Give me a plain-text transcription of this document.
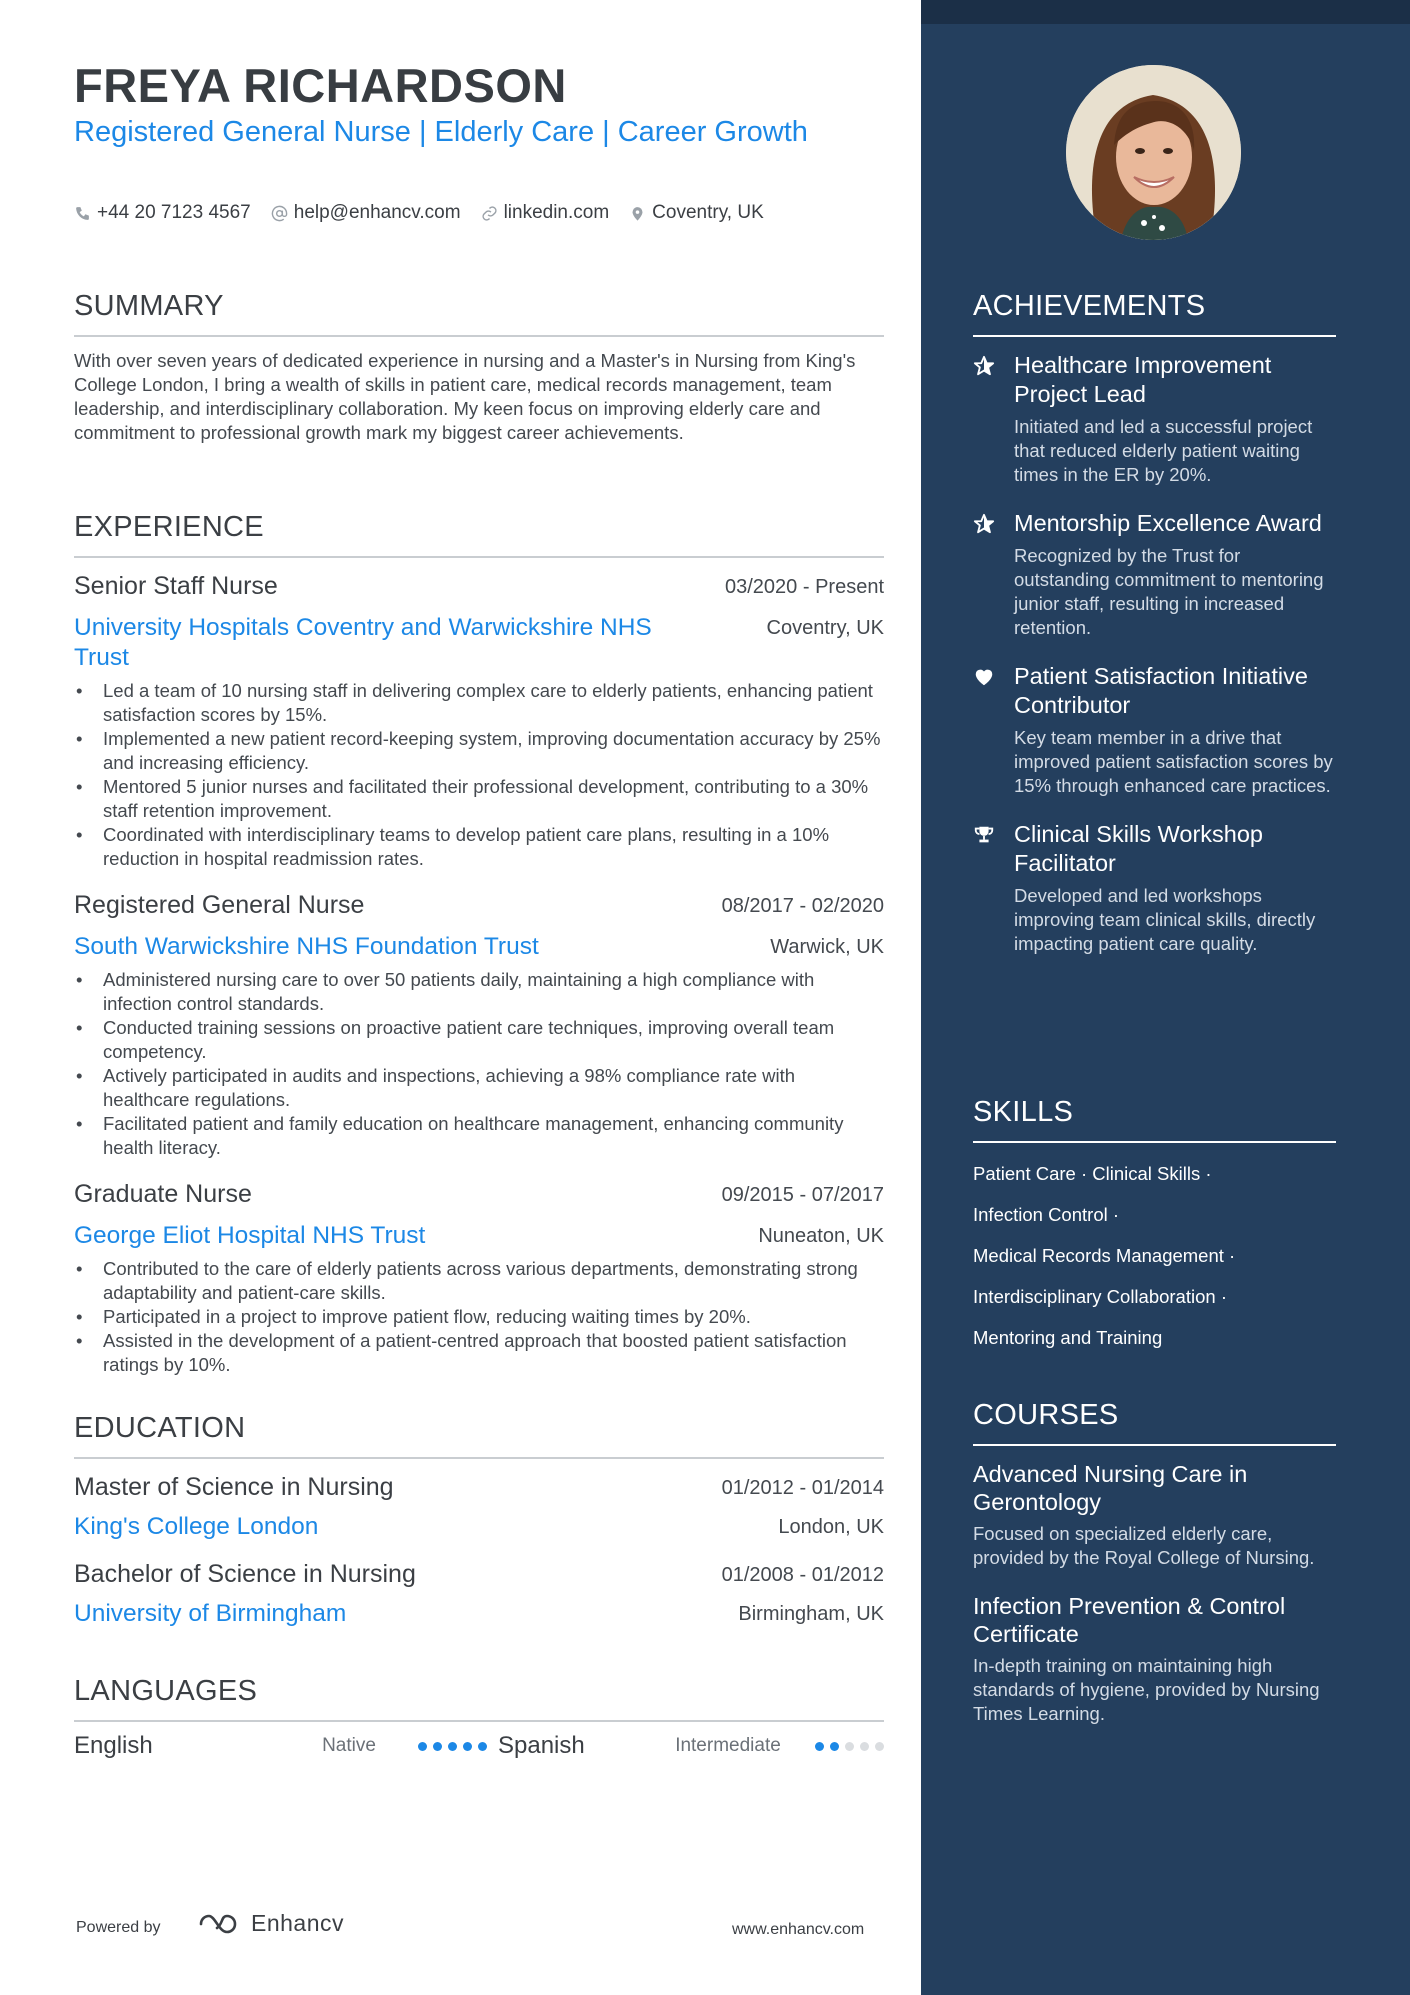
FREYA RICHARDSON
Registered General Nurse | Elderly Care | Career Growth
+44 20 7123 4567 help@enhancv.com linkedin.com Coventry, UK
SUMMARY
With over seven years of dedicated experience in nursing and a Master's in Nursing from King's College London, I bring a wealth of skills in patient care, medical records management, team leadership, and interdisciplinary collaboration. My keen focus on improving elderly care and commitment to professional growth mark my biggest career achievements.
EXPERIENCE
Senior Staff Nurse	03/2020 - Present
University Hospitals Coventry and Warwickshire NHS Trust
Coventry, UK
• Led a team of 10 nursing staff in delivering complex care to elderly patients, enhancing patient satisfaction scores by 15%.
• Implemented a new patient record-keeping system, improving documentation accuracy by 25% and increasing efficiency.
• Mentored 5 junior nurses and facilitated their professional development, contributing to a 30% staff retention improvement.
• Coordinated with interdisciplinary teams to develop patient care plans, resulting in a 10% reduction in hospital readmission rates.
Registered General Nurse	08/2017 - 02/2020
South Warwickshire NHS Foundation Trust	Warwick, UK
• Administered nursing care to over 50 patients daily, maintaining a high compliance with infection control standards.
• Conducted training sessions on proactive patient care techniques, improving overall team competency.
• Actively participated in audits and inspections, achieving a 98% compliance rate with healthcare regulations.
• Facilitated patient and family education on healthcare management, enhancing community health literacy.
Graduate Nurse	09/2015 - 07/2017
George Eliot Hospital NHS Trust	Nuneaton, UK
• Contributed to the care of elderly patients across various departments, demonstrating strong adaptability and patient-care skills.
• Participated in a project to improve patient flow, reducing waiting times by 20%.
• Assisted in the development of a patient-centred approach that boosted patient satisfaction ratings by 10%.
EDUCATION
Master of Science in Nursing	01/2012 - 01/2014
King's College London	London, UK
Bachelor of Science in Nursing	01/2008 - 01/2012
University of Birmingham	Birmingham, UK
LANGUAGES
English	Native	Spanish	Intermediate
Powered by	Enhancv	www.enhancv.com
ACHIEVEMENTS
Healthcare Improvement Project Lead
Initiated and led a successful project that reduced elderly patient waiting times in the ER by 20%.
Mentorship Excellence Award
Recognized by the Trust for outstanding commitment to mentoring junior staff, resulting in increased retention.
Patient Satisfaction Initiative Contributor
Key team member in a drive that improved patient satisfaction scores by 15% through enhanced care practices.
Clinical Skills Workshop Facilitator
Developed and led workshops improving team clinical skills, directly impacting patient care quality.
SKILLS
Patient Care · Clinical Skills ·
Infection Control ·
Medical Records Management ·
Interdisciplinary Collaboration ·
Mentoring and Training
COURSES
Advanced Nursing Care in Gerontology
Focused on specialized elderly care, provided by the Royal College of Nursing.
Infection Prevention & Control Certificate
In-depth training on maintaining high standards of hygiene, provided by Nursing Times Learning.
